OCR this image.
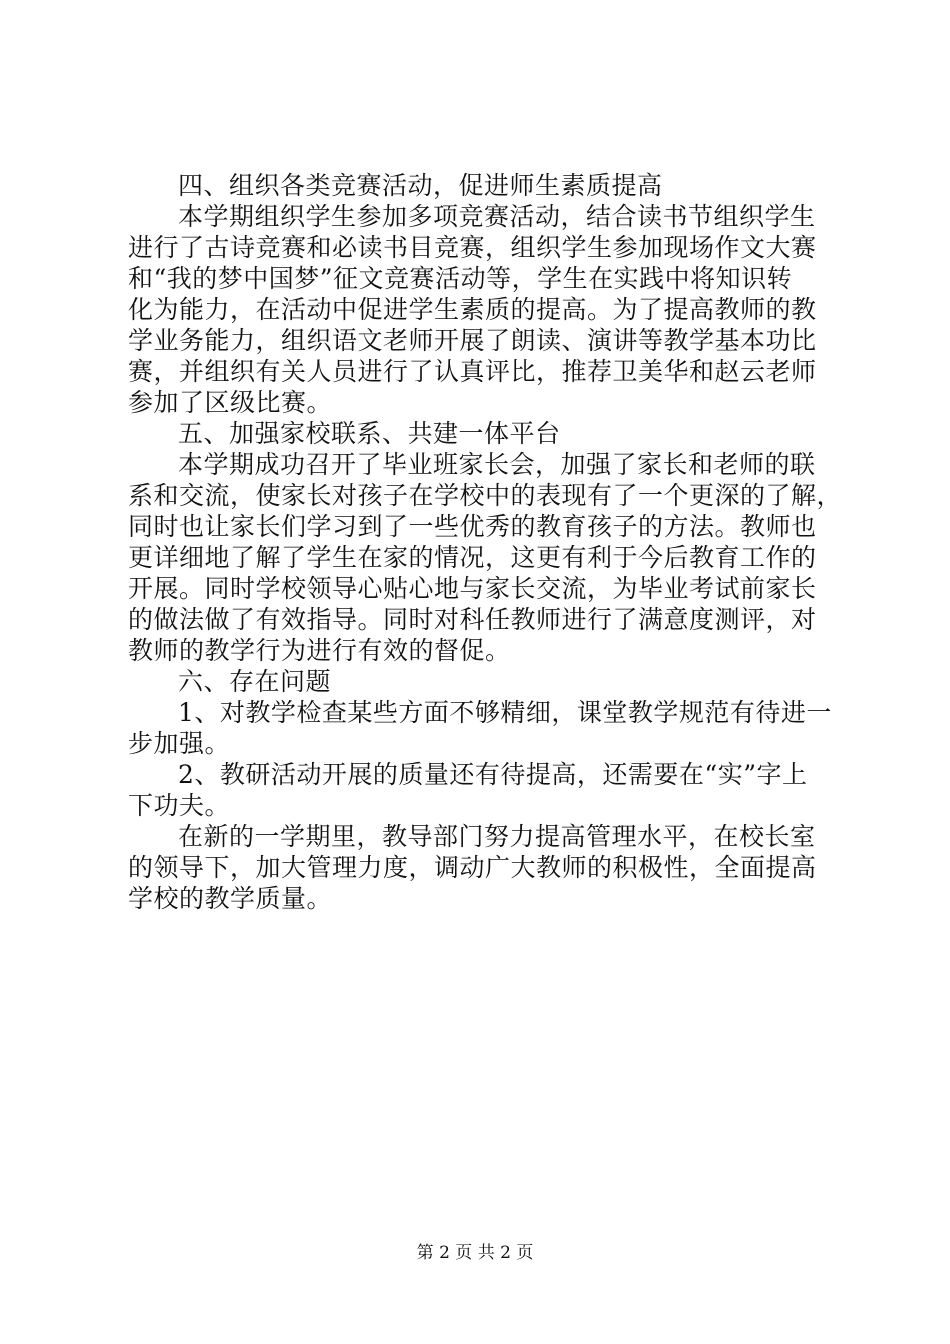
四、组织各类竞赛活动，促进师生素质提高
本学期组织学生参加多项竞赛活动，结合读书节组织学生
进行了古诗竞赛和必读书目竞赛，组织学生参加现场作文大赛
和“我的梦中国梦”征文竞赛活动等，学生在实践中将知识转
化为能力，在活动中促进学生素质的提高。为了提高教师的教
学业务能力，组织语文老师开展了朗读、演讲等教学基本功比
赛，并组织有关人员进行了认真评比，推荐卫美华和赵云老师
参加了区级比赛。
五、加强家校联系、共建一体平台
本学期成功召开了毕业班家长会，加强了家长和老师的联
系和交流，使家长对孩子在学校中的表现有了一个更深的了解，
同时也让家长们学习到了一些优秀的教育孩子的方法。教师也
更详细地了解了学生在家的情况，这更有利于今后教育工作的
开展。同时学校领导心贴心地与家长交流，为毕业考试前家长
的做法做了有效指导。同时对科任教师进行了满意度测评，对
教师的教学行为进行有效的督促。
六、存在问题
1、对教学检查某些方面不够精细，课堂教学规范有待进一
步加强。
2、教研活动开展的质量还有待提高，还需要在“实”字上
下功夫。
在新的一学期里，教导部门努力提高管理水平，在校长室
的领导下，加大管理力度，调动广大教师的积极性，全面提高
学校的教学质量。
第 2 页 共 2 页
